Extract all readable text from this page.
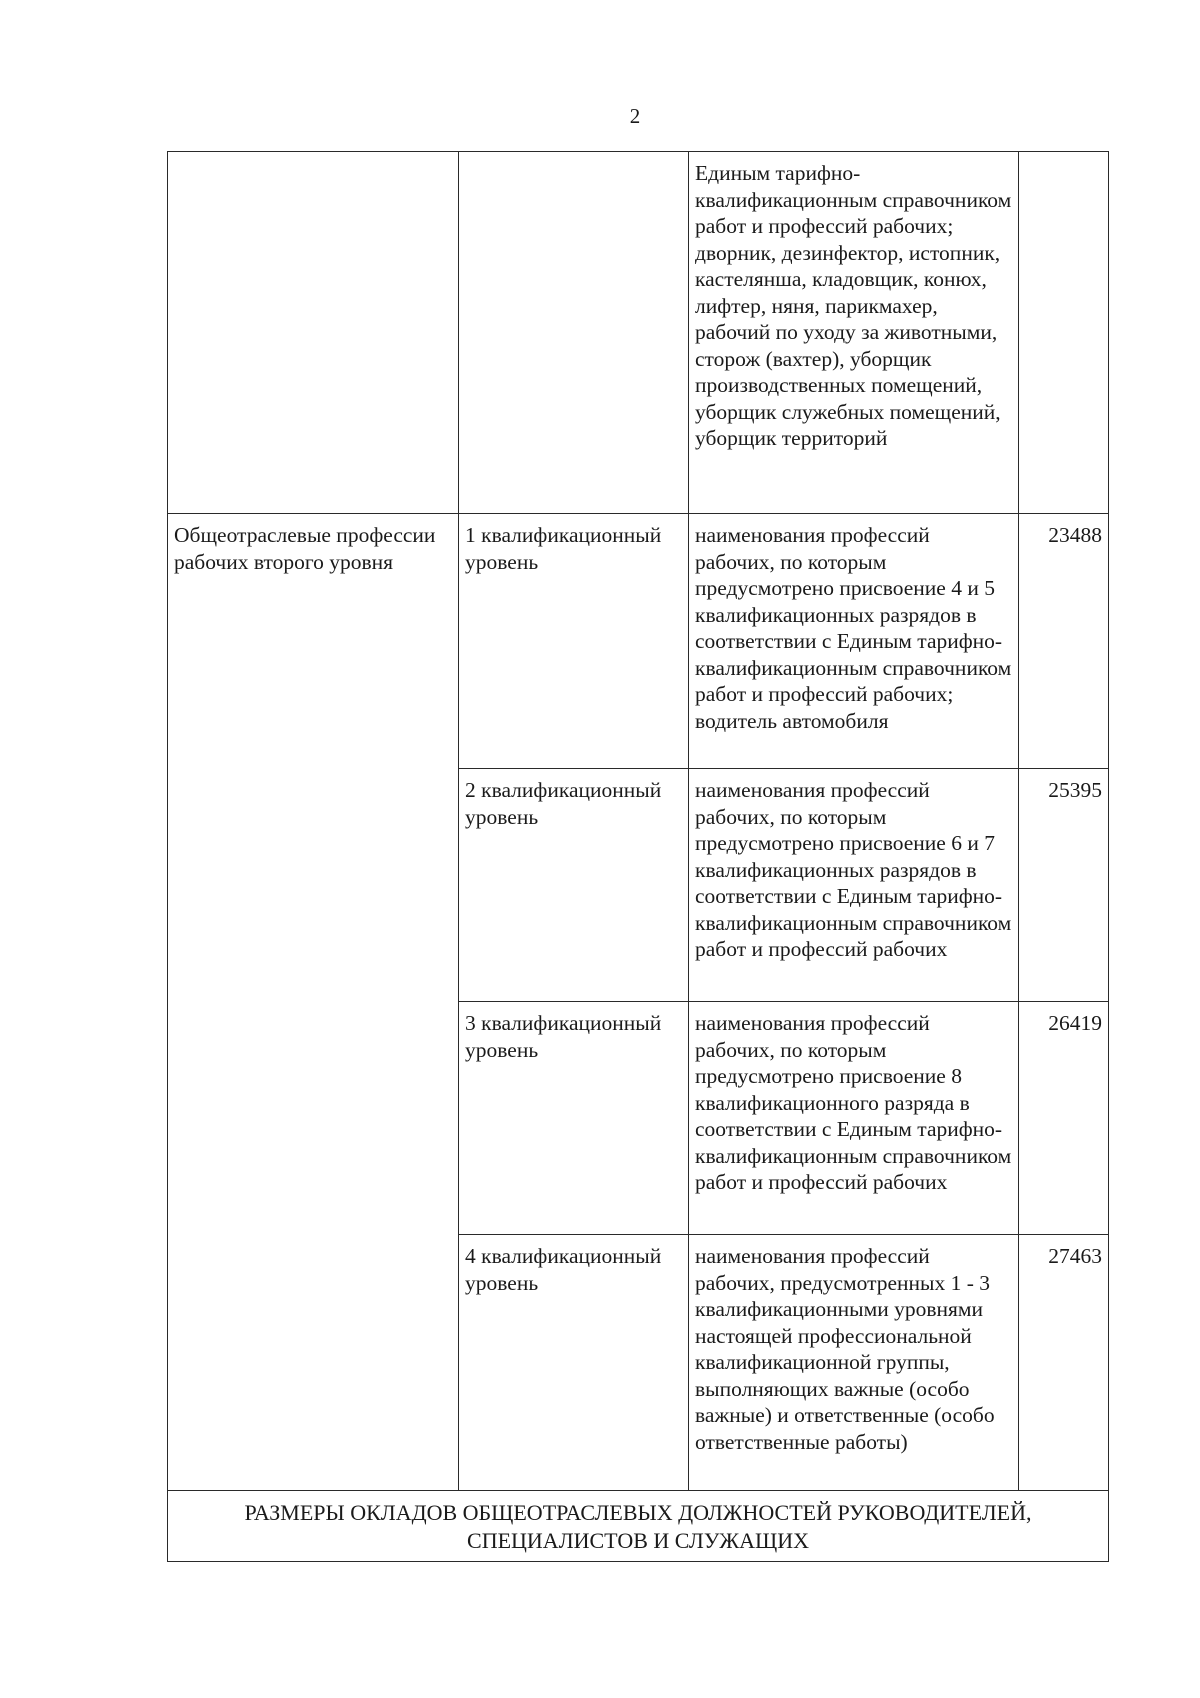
2
		Единым тарифно-квалификационным справочником работ и профессий рабочих; дворник, дезинфектор, истопник, кастелянша, кладовщик, конюх, лифтер, няня, парикмахер, рабочий по уходу за животными, сторож (вахтер), уборщик производственных помещений, уборщик служебных помещений, уборщик территорий	
Общеотраслевые профессии рабочих второго уровня	1 квалификационный уровень	наименования профессий рабочих, по которым предусмотрено присвоение 4 и 5 квалификационных разрядов в соответствии с Единым тарифно-квалификационным справочником работ и профессий рабочих; водитель автомобиля	23488
	2 квалификационный уровень	наименования профессий рабочих, по которым предусмотрено присвоение 6 и 7 квалификационных разрядов в соответствии с Единым тарифно-квалификационным справочником работ и профессий рабочих	25395
	3 квалификационный уровень	наименования профессий рабочих, по которым предусмотрено присвоение 8 квалификационного разряда в соответствии с Единым тарифно-квалификационным справочником работ и профессий рабочих	26419
	4 квалификационный уровень	наименования профессий рабочих, предусмотренных 1 - 3 квалификационными уровнями настоящей профессиональной квалификационной группы, выполняющих важные (особо важные) и ответственные (особо ответственные работы)	27463
РАЗМЕРЫ ОКЛАДОВ ОБЩЕОТРАСЛЕВЫХ ДОЛЖНОСТЕЙ РУКОВОДИТЕЛЕЙ, СПЕЦИАЛИСТОВ И СЛУЖАЩИХ			
